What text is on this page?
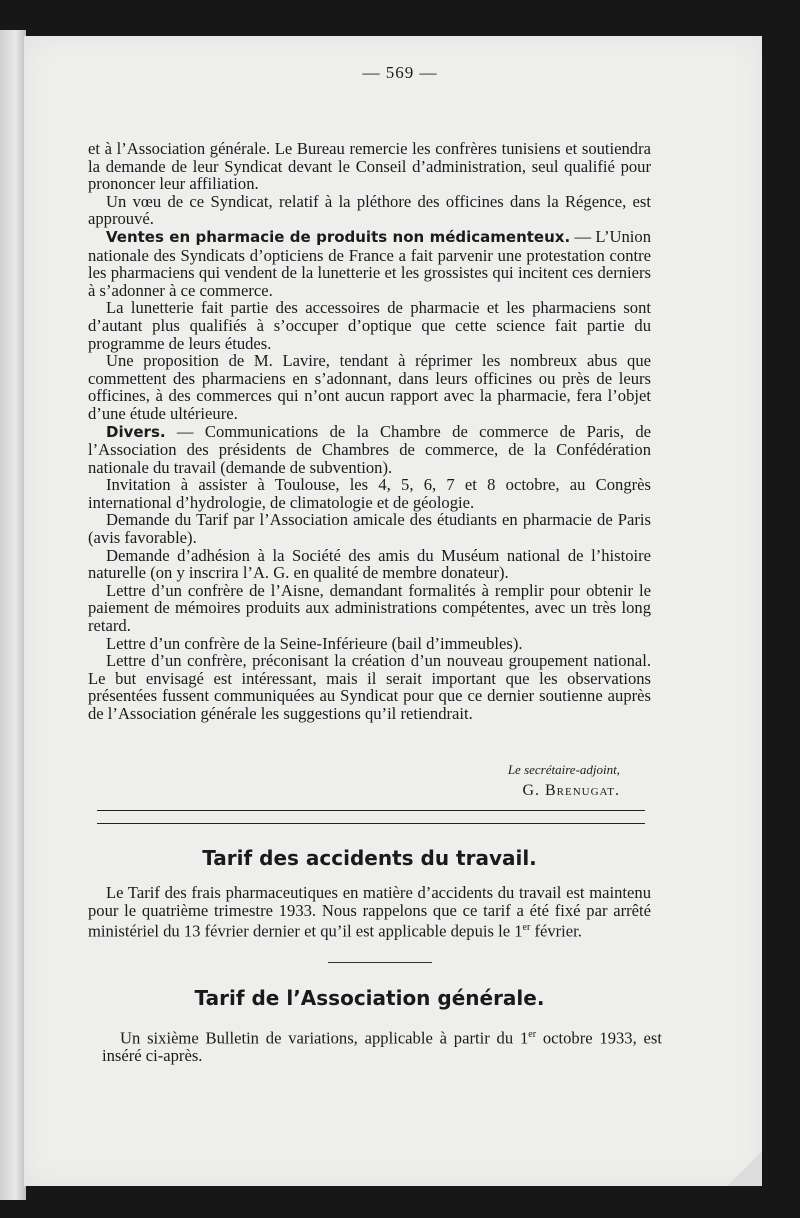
— 569 —

et à l’Association générale. Le Bureau remercie les confrères tunisiens et soutiendra la demande de leur Syndicat devant le Conseil d’administration, seul qualifié pour prononcer leur affiliation.

Un vœu de ce Syndicat, relatif à la pléthore des officines dans la Régence, est approuvé.

Ventes en pharmacie de produits non médicamenteux. — L’Union nationale des Syndicats d’opticiens de France a fait parvenir une protestation contre les pharmaciens qui vendent de la lunetterie et les grossistes qui incitent ces derniers à s’adonner à ce commerce.

La lunetterie fait partie des accessoires de pharmacie et les pharmaciens sont d’autant plus qualifiés à s’occuper d’optique que cette science fait partie du programme de leurs études.

Une proposition de M. Lavire, tendant à réprimer les nombreux abus que commettent des pharmaciens en s’adonnant, dans leurs officines ou près de leurs officines, à des commerces qui n’ont aucun rapport avec la pharmacie, fera l’objet d’une étude ultérieure.

Divers. — Communications de la Chambre de commerce de Paris, de l’Association des présidents de Chambres de commerce, de la Confédération nationale du travail (demande de subvention).

Invitation à assister à Toulouse, les 4, 5, 6, 7 et 8 octobre, au Congrès international d’hydrologie, de climatologie et de géologie.

Demande du Tarif par l’Association amicale des étudiants en pharmacie de Paris (avis favorable).

Demande d’adhésion à la Société des amis du Muséum national de l’histoire naturelle (on y inscrira l’A. G. en qualité de membre donateur).

Lettre d’un confrère de l’Aisne, demandant formalités à remplir pour obtenir le paiement de mémoires produits aux administrations compétentes, avec un très long retard.

Lettre d’un confrère de la Seine-Inférieure (bail d’immeubles).

Lettre d’un confrère, préconisant la création d’un nouveau groupement national. Le but envisagé est intéressant, mais il serait important que les observations présentées fussent communiquées au Syndicat pour que ce dernier soutienne auprès de l’Association générale les suggestions qu’il retiendrait.

Le secrétaire-adjoint,
G. Brenugat.
Tarif des accidents du travail.

Le Tarif des frais pharmaceutiques en matière d’accidents du travail est maintenu pour le quatrième trimestre 1933. Nous rappelons que ce tarif a été fixé par arrêté ministériel du 13 février dernier et qu’il est applicable depuis le 1er février.

Tarif de l’Association générale.

Un sixième Bulletin de variations, applicable à partir du 1er octobre 1933, est inséré ci-après.
